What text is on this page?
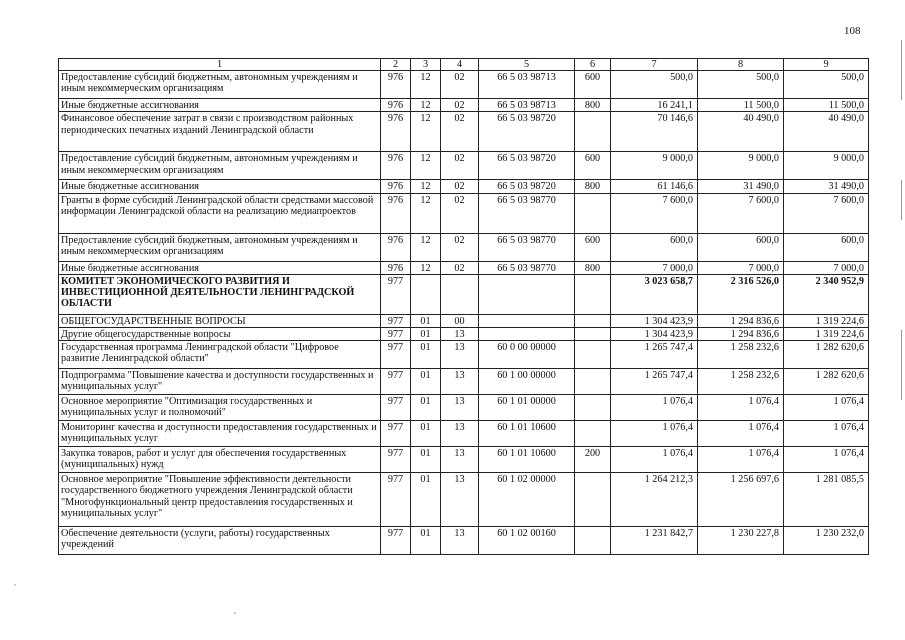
108
1	2	3	4	5	6	7	8	9
Предоставление субсидий бюджетным, автономным учреждениям и иным некоммерческим организациям	976	12	02	66 5 03 98713	600	500,0	500,0	500,0
Иные бюджетные ассигнования	976	12	02	66 5 03 98713	800	16 241,1	11 500,0	11 500,0
Финансовое обеспечение затрат в связи с производством районных периодических печатных изданий Ленинградской области	976	12	02	66 5 03 98720		70 146,6	40 490,0	40 490,0
Предоставление субсидий бюджетным, автономным учреждениям и иным некоммерческим организациям	976	12	02	66 5 03 98720	600	9 000,0	9 000,0	9 000,0
Иные бюджетные ассигнования	976	12	02	66 5 03 98720	800	61 146,6	31 490,0	31 490,0
Гранты в форме субсидий Ленинградской области средствами массовой информации Ленинградской области на реализацию медиапроектов	976	12	02	66 5 03 98770		7 600,0	7 600,0	7 600,0
Предоставление субсидий бюджетным, автономным учреждениям и иным некоммерческим организациям	976	12	02	66 5 03 98770	600	600,0	600,0	600,0
Иные бюджетные ассигнования	976	12	02	66 5 03 98770	800	7 000,0	7 000,0	7 000,0
КОМИТЕТ ЭКОНОМИЧЕСКОГО РАЗВИТИЯ И ИНВЕСТИЦИОННОЙ ДЕЯТЕЛЬНОСТИ ЛЕНИНГРАДСКОЙ ОБЛАСТИ	977					3 023 658,7	2 316 526,0	2 340 952,9
ОБЩЕГОСУДАРСТВЕННЫЕ ВОПРОСЫ	977	01	00			1 304 423,9	1 294 836,6	1 319 224,6
Другие общегосударственные вопросы	977	01	13			1 304 423,9	1 294 836,6	1 319 224,6
Государственная программа Ленинградской области "Цифровое развитие Ленинградской области"	977	01	13	60 0 00 00000		1 265 747,4	1 258 232,6	1 282 620,6
Подпрограмма "Повышение качества и доступности государственных и муниципальных услуг"	977	01	13	60 1 00 00000		1 265 747,4	1 258 232,6	1 282 620,6
Основное мероприятие "Оптимизация государственных и муниципальных услуг и полномочий"	977	01	13	60 1 01 00000		1 076,4	1 076,4	1 076,4
Мониторинг качества и доступности предоставления государственных и муниципальных услуг	977	01	13	60 1 01 10600		1 076,4	1 076,4	1 076,4
Закупка товаров, работ и услуг для обеспечения государственных (муниципальных) нужд	977	01	13	60 1 01 10600	200	1 076,4	1 076,4	1 076,4
Основное мероприятие "Повышение эффективности деятельности государственного бюджетного учреждения Ленинградской области "Многофункциональный центр предоставления государственных и муниципальных услуг"	977	01	13	60 1 02 00000		1 264 212,3	1 256 697,6	1 281 085,5
Обеспечение деятельности (услуги, работы) государственных учреждений	977	01	13	60 1 02 00160		1 231 842,7	1 230 227,8	1 230 232,0
